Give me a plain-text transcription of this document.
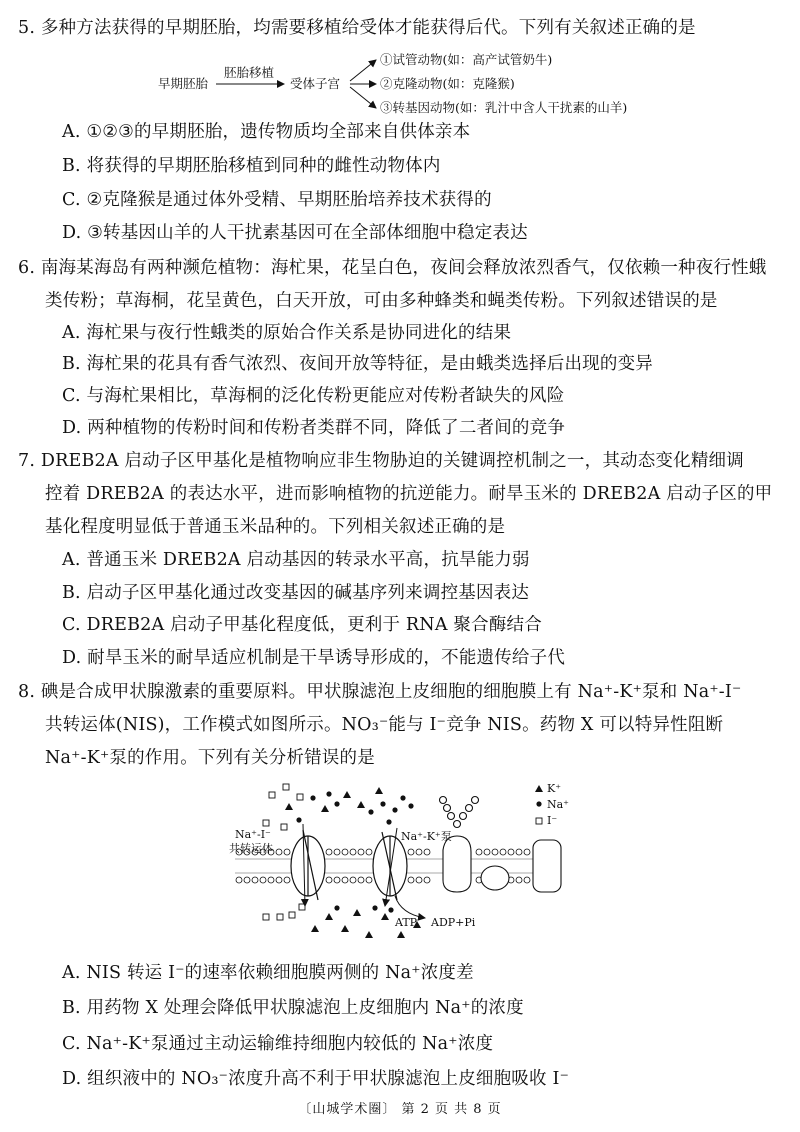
5. 多种方法获得的早期胚胎，均需要移植给受体才能获得后代。下列有关叙述正确的是
早期胚胎
胚胎移植
受体子宫
①试管动物(如：高产试管奶牛)
②克隆动物(如：克隆猴)
③转基因动物(如：乳汁中含人干扰素的山羊)
A. ①②③的早期胚胎，遗传物质均全部来自供体亲本
B. 将获得的早期胚胎移植到同种的雌性动物体内
C. ②克隆猴是通过体外受精、早期胚胎培养技术获得的
D. ③转基因山羊的人干扰素基因可在全部体细胞中稳定表达
6. 南海某海岛有两种濒危植物：海杧果，花呈白色，夜间会释放浓烈香气，仅依赖一种夜行性蛾
类传粉；草海桐，花呈黄色，白天开放，可由多种蜂类和蝇类传粉。下列叙述错误的是
A. 海杧果与夜行性蛾类的原始合作关系是协同进化的结果
B. 海杧果的花具有香气浓烈、夜间开放等特征，是由蛾类选择后出现的变异
C. 与海杧果相比，草海桐的泛化传粉更能应对传粉者缺失的风险
D. 两种植物的传粉时间和传粉者类群不同，降低了二者间的竞争
7. DREB2A 启动子区甲基化是植物响应非生物胁迫的关键调控机制之一，其动态变化精细调
控着 DREB2A 的表达水平，进而影响植物的抗逆能力。耐旱玉米的 DREB2A 启动子区的甲
基化程度明显低于普通玉米品种的。下列相关叙述正确的是
A. 普通玉米 DREB2A 启动基因的转录水平高，抗旱能力弱
B. 启动子区甲基化通过改变基因的碱基序列来调控基因表达
C. DREB2A 启动子甲基化程度低，更利于 RNA 聚合酶结合
D. 耐旱玉米的耐旱适应机制是干旱诱导形成的，不能遗传给子代
8. 碘是合成甲状腺激素的重要原料。甲状腺滤泡上皮细胞的细胞膜上有 Na⁺-K⁺泵和 Na⁺-I⁻
共转运体(NIS)，工作模式如图所示。NO₃⁻能与 I⁻竞争 NIS。药物 X 可以特异性阻断
Na⁺-K⁺泵的作用。下列有关分析错误的是
Na⁺-I⁻
共转运体
Na⁺-K⁺泵
ATP ADP+Pi
K⁺
Na⁺
I⁻
A. NIS 转运 I⁻的速率依赖细胞膜两侧的 Na⁺浓度差
B. 用药物 X 处理会降低甲状腺滤泡上皮细胞内 Na⁺的浓度
C. Na⁺-K⁺泵通过主动运输维持细胞内较低的 Na⁺浓度
D. 组织液中的 NO₃⁻浓度升高不利于甲状腺滤泡上皮细胞吸收 I⁻
〔山城学术圈〕 第 2 页 共 8 页
